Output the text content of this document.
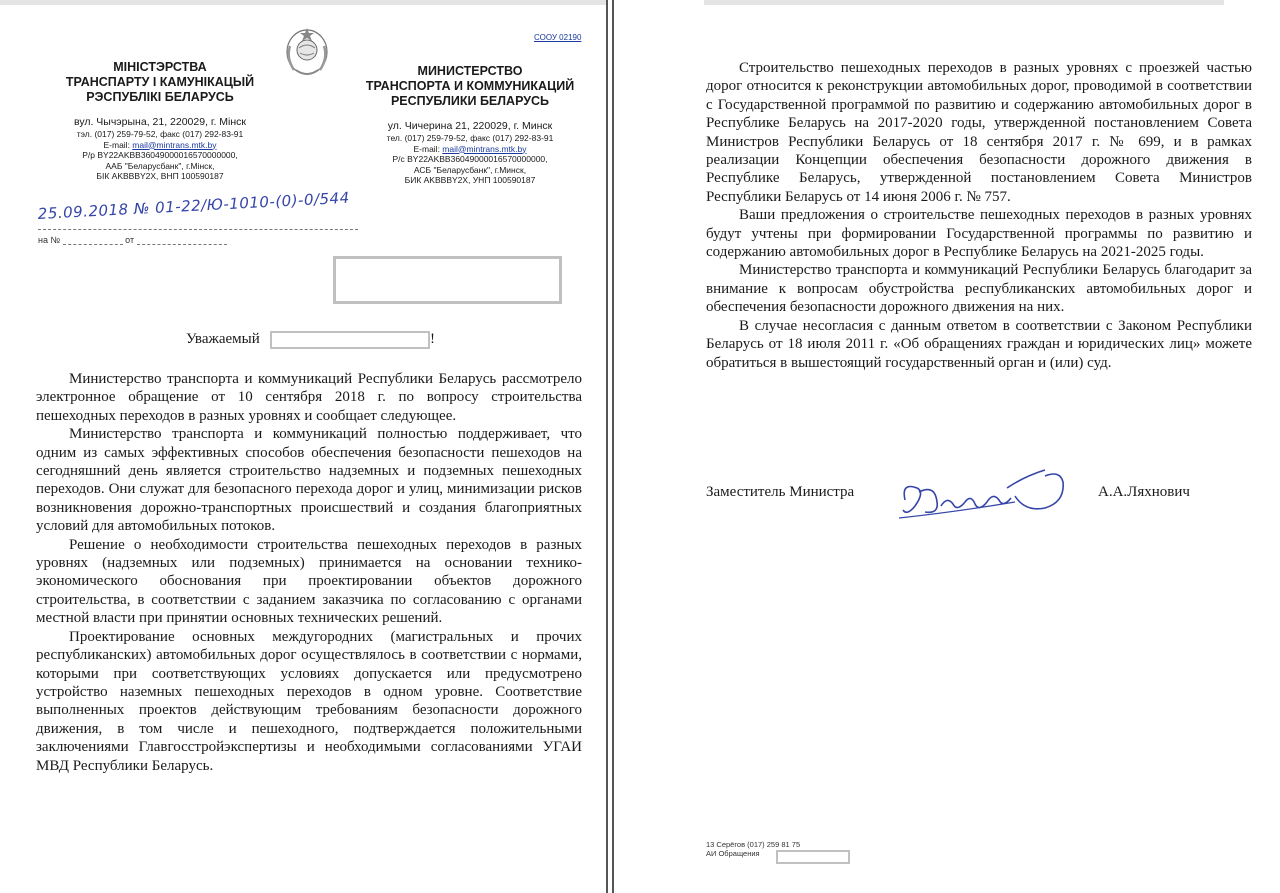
МIНIСТЭРСТВА
ТРАНСПАРТУ I КАМУНIКАЦЫЙ
РЭСПУБЛIКI БЕЛАРУСЬ
вул. Чычэрына, 21, 220029, г. Мiнск
тэл. (017) 259-79-52, факс (017) 292-83-91
E-mail: mail@mintrans.mtk.by
Р/р BY22AKBB36049000016570000000,
ААБ "Беларусбанк", г.Мiнск,
БIК AKBBBY2X, ВНП 100590187
СООУ 02190
МИНИСТЕРСТВО
ТРАНСПОРТА И КОММУНИКАЦИЙ
РЕСПУБЛИКИ БЕЛАРУСЬ
ул. Чичерина 21, 220029, г. Минск
тел. (017) 259-79-52, факс (017) 292-83-91
E-mail: mail@mintrans.mtk.by
Р/с BY22AKBB36049000016570000000,
АСБ "Беларусбанк", г.Минск,
БИК AKBBBY2X, УНП 100590187
25.09.2018 № 01-22/Ю-1010-(0)-0/544
на №	от
Уважаемый	!

Министерство транспорта и коммуникаций Республики Беларусь рассмотрело электронное обращение от 10 сентября 2018 г. по вопросу строительства пешеходных переходов в разных уровнях и сообщает следующее.

Министерство транспорта и коммуникаций полностью поддерживает, что одним из самых эффективных способов обеспечения безопасности пешеходов на сегодняшний день является строительство надземных и подземных пешеходных переходов. Они служат для безопасного перехода дорог и улиц, минимизации рисков возникновения дорожно-транспортных происшествий и создания благоприятных условий для автомобильных потоков.

Решение о необходимости строительства пешеходных переходов в разных уровнях (надземных или подземных) принимается на основании технико-экономического обоснования при проектировании объектов дорожного строительства, в соответствии с заданием заказчика по согласованию с органами местной власти при принятии основных технических решений.

Проектирование основных междугородних (магистральных и прочих республиканских) автомобильных дорог осуществлялось в соответствии с нормами, которыми при соответствующих условиях допускается или предусмотрено устройство наземных пешеходных переходов в одном уровне. Соответствие выполненных проектов действующим требованиям безопасности дорожного движения, в том числе и пешеходного, подтверждается положительными заключениями Главгосстройэкспертизы и необходимыми согласованиями УГАИ МВД Республики Беларусь.

Строительство пешеходных переходов в разных уровнях с проезжей частью дорог относится к реконструкции автомобильных дорог, проводимой в соответствии с Государственной программой по развитию и содержанию автомобильных дорог в Республике Беларусь на 2017-2020 годы, утвержденной постановлением Совета Министров Республики Беларусь от 18 сентября 2017 г. № 699, и в рамках реализации Концепции обеспечения безопасности дорожного движения в Республике Беларусь, утвержденной постановлением Совета Министров Республики Беларусь от 14 июня 2006 г. № 757.

Ваши предложения о строительстве пешеходных переходов в разных уровнях будут учтены при формировании Государственной программы по развитию и содержанию автомобильных дорог в Республике Беларусь на 2021-2025 годы.

Министерство транспорта и коммуникаций Республики Беларусь благодарит за внимание к вопросам обустройства республиканских автомобильных дорог и обеспечения безопасности дорожного движения на них.

В случае несогласия с данным ответом в соответствии с Законом Республики Беларусь от 18 июля 2011 г. «Об обращениях граждан и юридических лиц» можете обратиться в вышестоящий государственный орган и (или) суд.

Заместитель Министра	А.А.Ляхнович
13 Серёгов (017) 259 81 75
АИ Обращения
